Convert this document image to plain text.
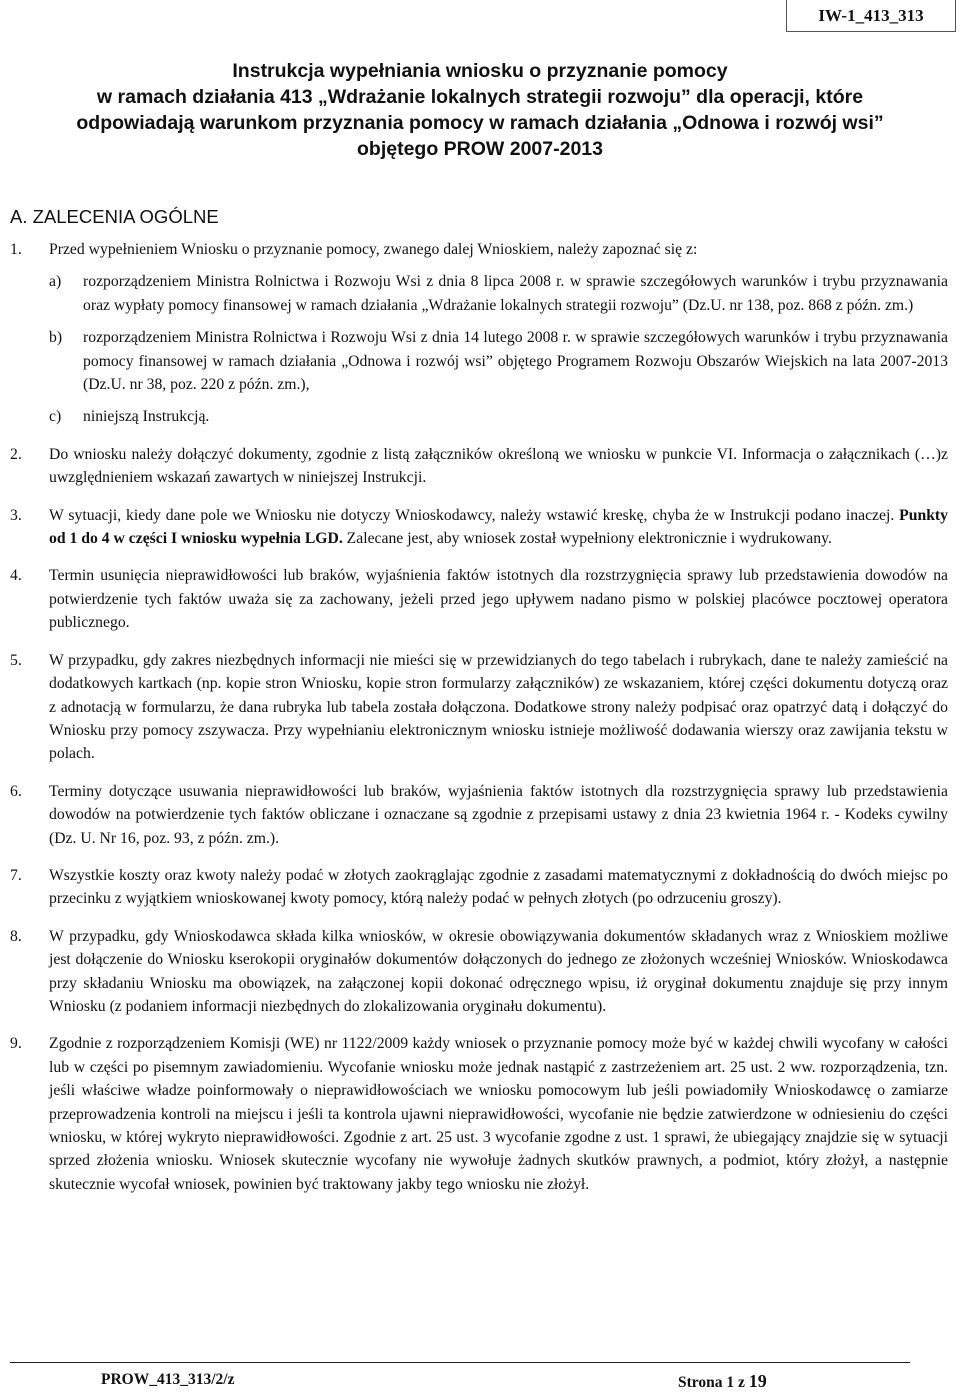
IW-1_413_313
Instrukcja wypełniania wniosku o przyznanie pomocy
w ramach działania 413 „Wdrażanie lokalnych strategii rozwoju” dla operacji, które
odpowiadają warunkom przyznania pomocy w ramach działania „Odnowa i rozwój wsi”
objętego PROW 2007-2013
A. ZALECENIA OGÓLNE
1.	Przed wypełnieniem Wniosku o przyznanie pomocy, zwanego dalej Wnioskiem, należy zapoznać się z:
a)	rozporządzeniem Ministra Rolnictwa i Rozwoju Wsi z dnia 8 lipca 2008 r. w sprawie szczegółowych warunków i trybu przyznawania oraz wypłaty pomocy finansowej w ramach działania „Wdrażanie lokalnych strategii rozwoju” (Dz.U. nr 138, poz. 868 z późn. zm.)
b)	rozporządzeniem Ministra Rolnictwa i Rozwoju Wsi z dnia 14 lutego 2008 r. w sprawie szczegółowych warunków i trybu przyznawania pomocy finansowej w ramach działania „Odnowa i rozwój wsi” objętego Programem Rozwoju Obszarów Wiejskich na lata 2007-2013 (Dz.U. nr 38, poz. 220 z późn. zm.),
c)	niniejszą Instrukcją.
2.	Do wniosku należy dołączyć dokumenty, zgodnie z listą załączników określoną we wniosku w punkcie VI. Informacja o załącznikach (…)z uwzględnieniem wskazań zawartych w niniejszej Instrukcji.
3.	W sytuacji, kiedy dane pole we Wniosku nie dotyczy Wnioskodawcy, należy wstawić kreskę, chyba że w Instrukcji podano inaczej. Punkty od 1 do 4 w części I wniosku wypełnia LGD. Zalecane jest, aby wniosek został wypełniony elektronicznie i wydrukowany.
4.	Termin usunięcia nieprawidłowości lub braków, wyjaśnienia faktów istotnych dla rozstrzygnięcia sprawy lub przedstawienia dowodów na potwierdzenie tych faktów uważa się za zachowany, jeżeli przed jego upływem nadano pismo w polskiej placówce pocztowej operatora publicznego.
5.	W przypadku, gdy zakres niezbędnych informacji nie mieści się w przewidzianych do tego tabelach i rubrykach, dane te należy zamieścić na dodatkowych kartkach (np. kopie stron Wniosku, kopie stron formularzy załączników) ze wskazaniem, której części dokumentu dotyczą oraz z adnotacją w formularzu, że dana rubryka lub tabela została dołączona. Dodatkowe strony należy podpisać oraz opatrzyć datą i dołączyć do Wniosku przy pomocy zszywacza. Przy wypełnianiu elektronicznym wniosku istnieje możliwość dodawania wierszy oraz zawijania tekstu w polach.
6.	Terminy dotyczące usuwania nieprawidłowości lub braków, wyjaśnienia faktów istotnych dla rozstrzygnięcia sprawy lub przedstawienia dowodów na potwierdzenie tych faktów obliczane i oznaczane są zgodnie z przepisami ustawy z dnia 23 kwietnia 1964 r. - Kodeks cywilny (Dz. U. Nr 16, poz. 93, z późn. zm.).
7.	Wszystkie koszty oraz kwoty należy podać w złotych zaokrąglając zgodnie z zasadami matematycznymi z dokładnością do dwóch miejsc po przecinku z wyjątkiem wnioskowanej kwoty pomocy, którą należy podać w pełnych złotych (po odrzuceniu groszy).
8.	W przypadku, gdy Wnioskodawca składa kilka wniosków, w okresie obowiązywania dokumentów składanych wraz z Wnioskiem możliwe jest dołączenie do Wniosku kserokopii oryginałów dokumentów dołączonych do jednego ze złożonych wcześniej Wniosków. Wnioskodawca przy składaniu Wniosku ma obowiązek, na załączonej kopii dokonać odręcznego wpisu, iż oryginał dokumentu znajduje się przy innym Wniosku (z podaniem informacji niezbędnych do zlokalizowania oryginału dokumentu).
9.	Zgodnie z rozporządzeniem Komisji (WE) nr 1122/2009 każdy wniosek o przyznanie pomocy może być w każdej chwili wycofany w całości lub w części po pisemnym zawiadomieniu. Wycofanie wniosku może jednak nastąpić z zastrzeżeniem art. 25 ust. 2 ww. rozporządzenia, tzn. jeśli właściwe władze poinformowały o nieprawidłowościach we wniosku pomocowym lub jeśli powiadomiły Wnioskodawcę o zamiarze przeprowadzenia kontroli na miejscu i jeśli ta kontrola ujawni nieprawidłowości, wycofanie nie będzie zatwierdzone w odniesieniu do części wniosku, w której wykryto nieprawidłowości. Zgodnie z art. 25 ust. 3 wycofanie zgodne z ust. 1 sprawi, że ubiegający znajdzie się w sytuacji sprzed złożenia wniosku. Wniosek skutecznie wycofany nie wywołuje żadnych skutków prawnych, a podmiot, który złożył, a następnie skutecznie wycofał wniosek, powinien być traktowany jakby tego wniosku nie złożył.
PROW_413_313/2/z	Strona 1 z 19
